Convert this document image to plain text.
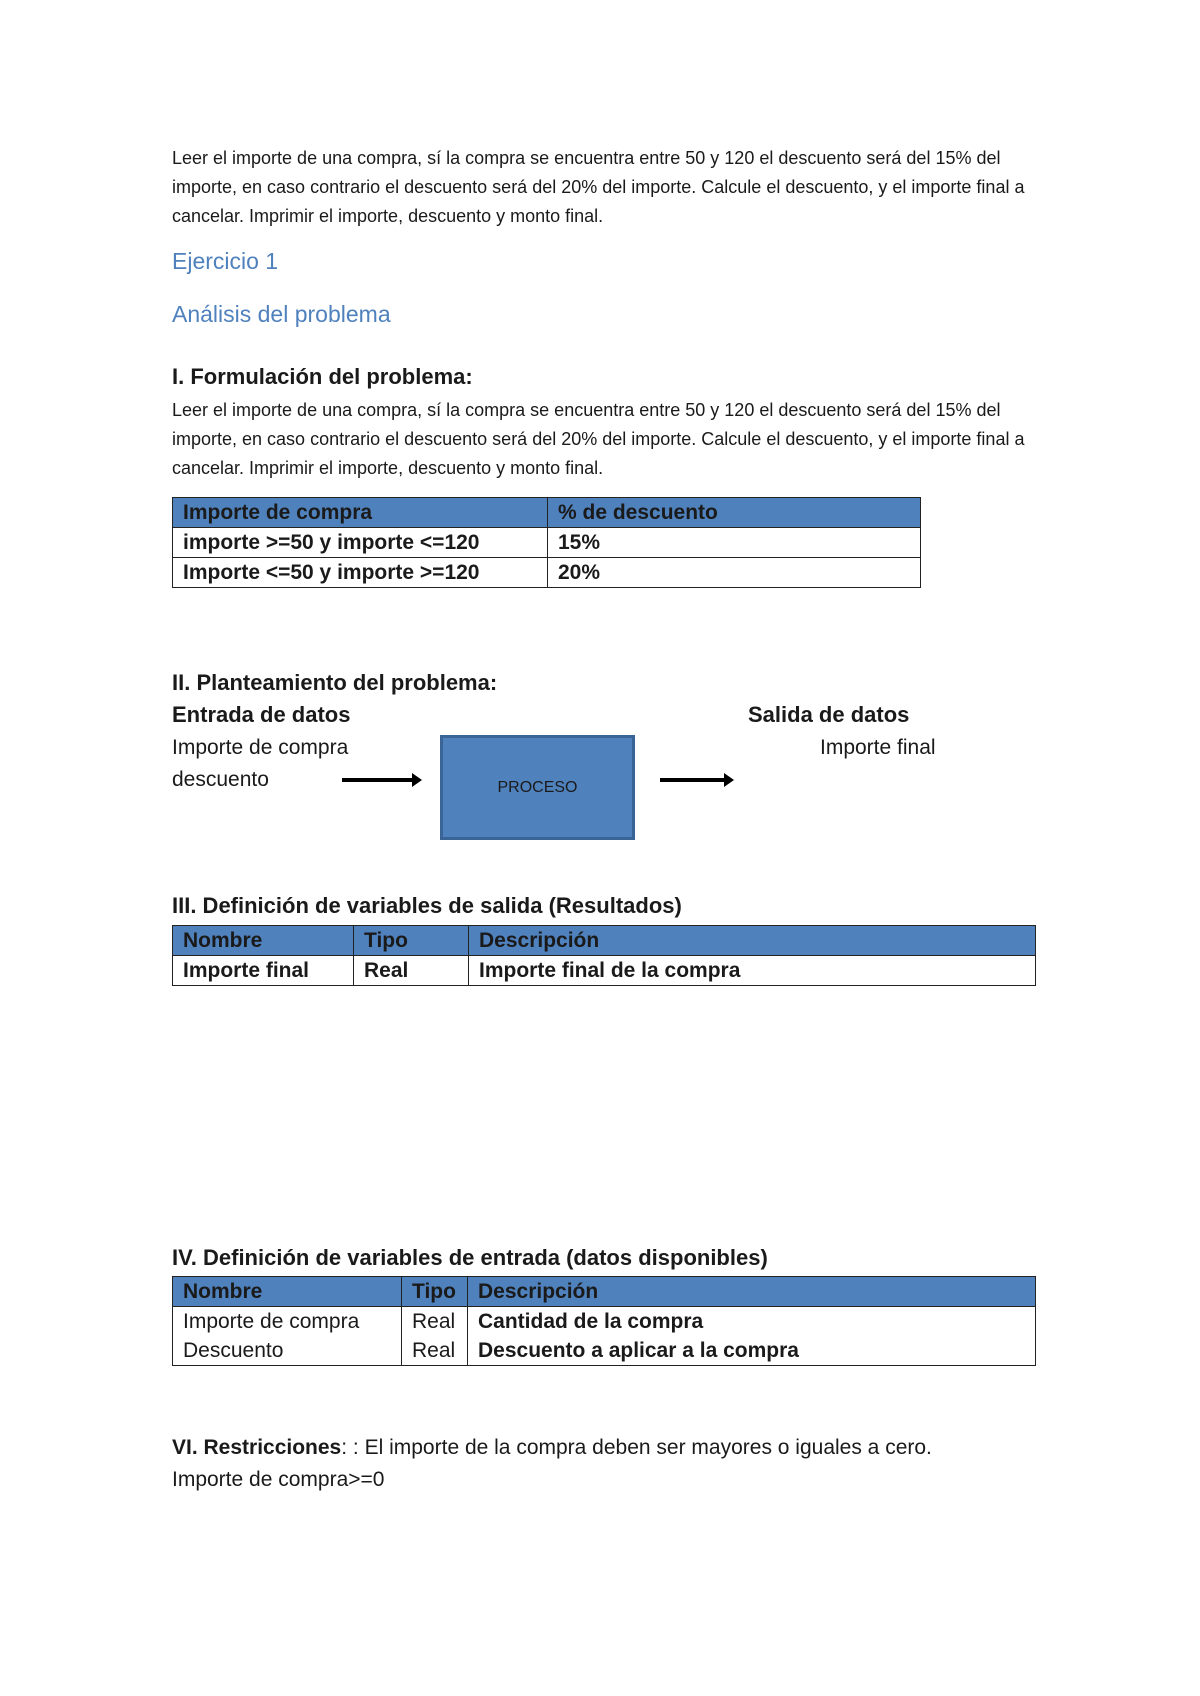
Leer el importe de una compra, sí la compra se encuentra entre 50 y 120 el descuento será del 15% del importe, en caso contrario el descuento será del 20% del importe. Calcule el descuento, y el importe final a cancelar. Imprimir el importe, descuento y monto final.
Ejercicio 1
Análisis del problema
I. Formulación del problema:
Leer el importe de una compra, sí la compra se encuentra entre 50 y 120 el descuento será del 15% del importe, en caso contrario el descuento será del 20% del importe. Calcule el descuento, y el importe final a cancelar. Imprimir el importe, descuento y monto final.
Importe de compra	% de descuento
importe >=50 y importe <=120	15%
Importe <=50 y importe >=120	20%
II. Planteamiento del problema:
Entrada de datos
Importe de compra
descuento	PROCESO
Salida de datos
Importe final
III. Definición de variables de salida (Resultados)
Nombre	Tipo	Descripción
Importe final	Real	Importe final de la compra
IV. Definición de variables de entrada (datos disponibles)
Nombre	Tipo	Descripción
Importe de compra	Real	Cantidad de la compra
Descuento	Real	Descuento a aplicar a la compra
VI. Restricciones: : El importe de la compra deben ser mayores o iguales a cero.
Importe de compra>=0
